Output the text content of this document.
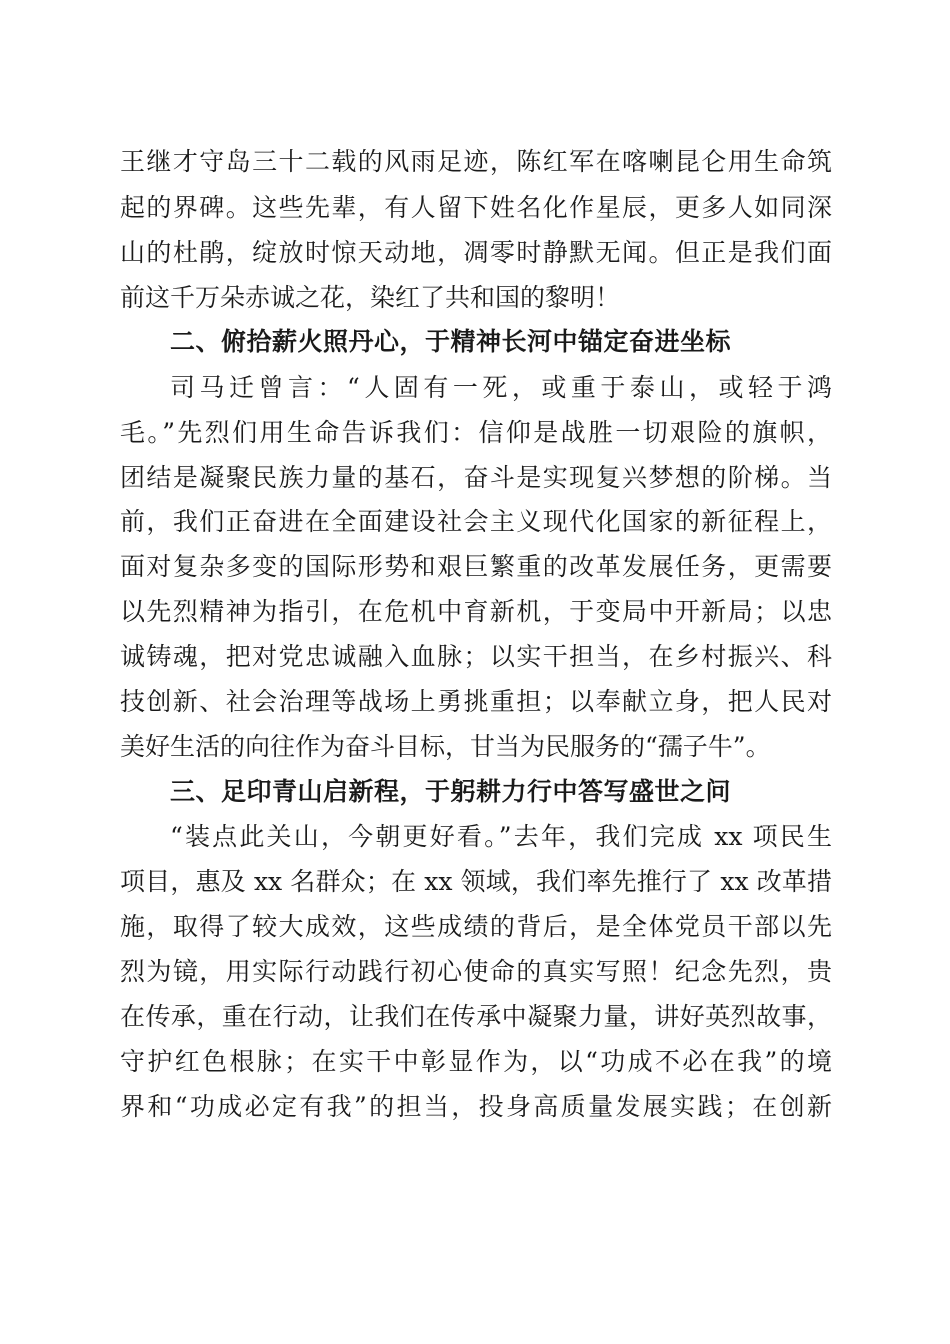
王继才守岛三十二载的风雨足迹，陈红军在喀喇昆仑用生命筑
起的界碑。这些先辈，有人留下姓名化作星辰，更多人如同深
山的杜鹃，绽放时惊天动地，凋零时静默无闻。但正是我们面
前这千万朵赤诚之花，染红了共和国的黎明！
二、俯拾薪火照丹心，于精神长河中锚定奋进坐标
司马迁曾言：“人固有一死，或重于泰山，或轻于鸿
毛。”先烈们用生命告诉我们：信仰是战胜一切艰险的旗帜，
团结是凝聚民族力量的基石，奋斗是实现复兴梦想的阶梯。当
前，我们正奋进在全面建设社会主义现代化国家的新征程上，
面对复杂多变的国际形势和艰巨繁重的改革发展任务，更需要
以先烈精神为指引，在危机中育新机，于变局中开新局；以忠
诚铸魂，把对党忠诚融入血脉；以实干担当，在乡村振兴、科
技创新、社会治理等战场上勇挑重担；以奉献立身，把人民对
美好生活的向往作为奋斗目标，甘当为民服务的“孺子牛”。
三、足印青山启新程，于躬耕力行中答写盛世之问
“装点此关山，今朝更好看。”去年，我们完成 xx 项民生
项目，惠及 xx 名群众；在 xx 领域，我们率先推行了 xx 改革措
施，取得了较大成效，这些成绩的背后，是全体党员干部以先
烈为镜，用实际行动践行初心使命的真实写照！纪念先烈，贵
在传承，重在行动，让我们在传承中凝聚力量，讲好英烈故事，
守护红色根脉；在实干中彰显作为，以“功成不必在我”的境
界和“功成必定有我”的担当，投身高质量发展实践；在创新
